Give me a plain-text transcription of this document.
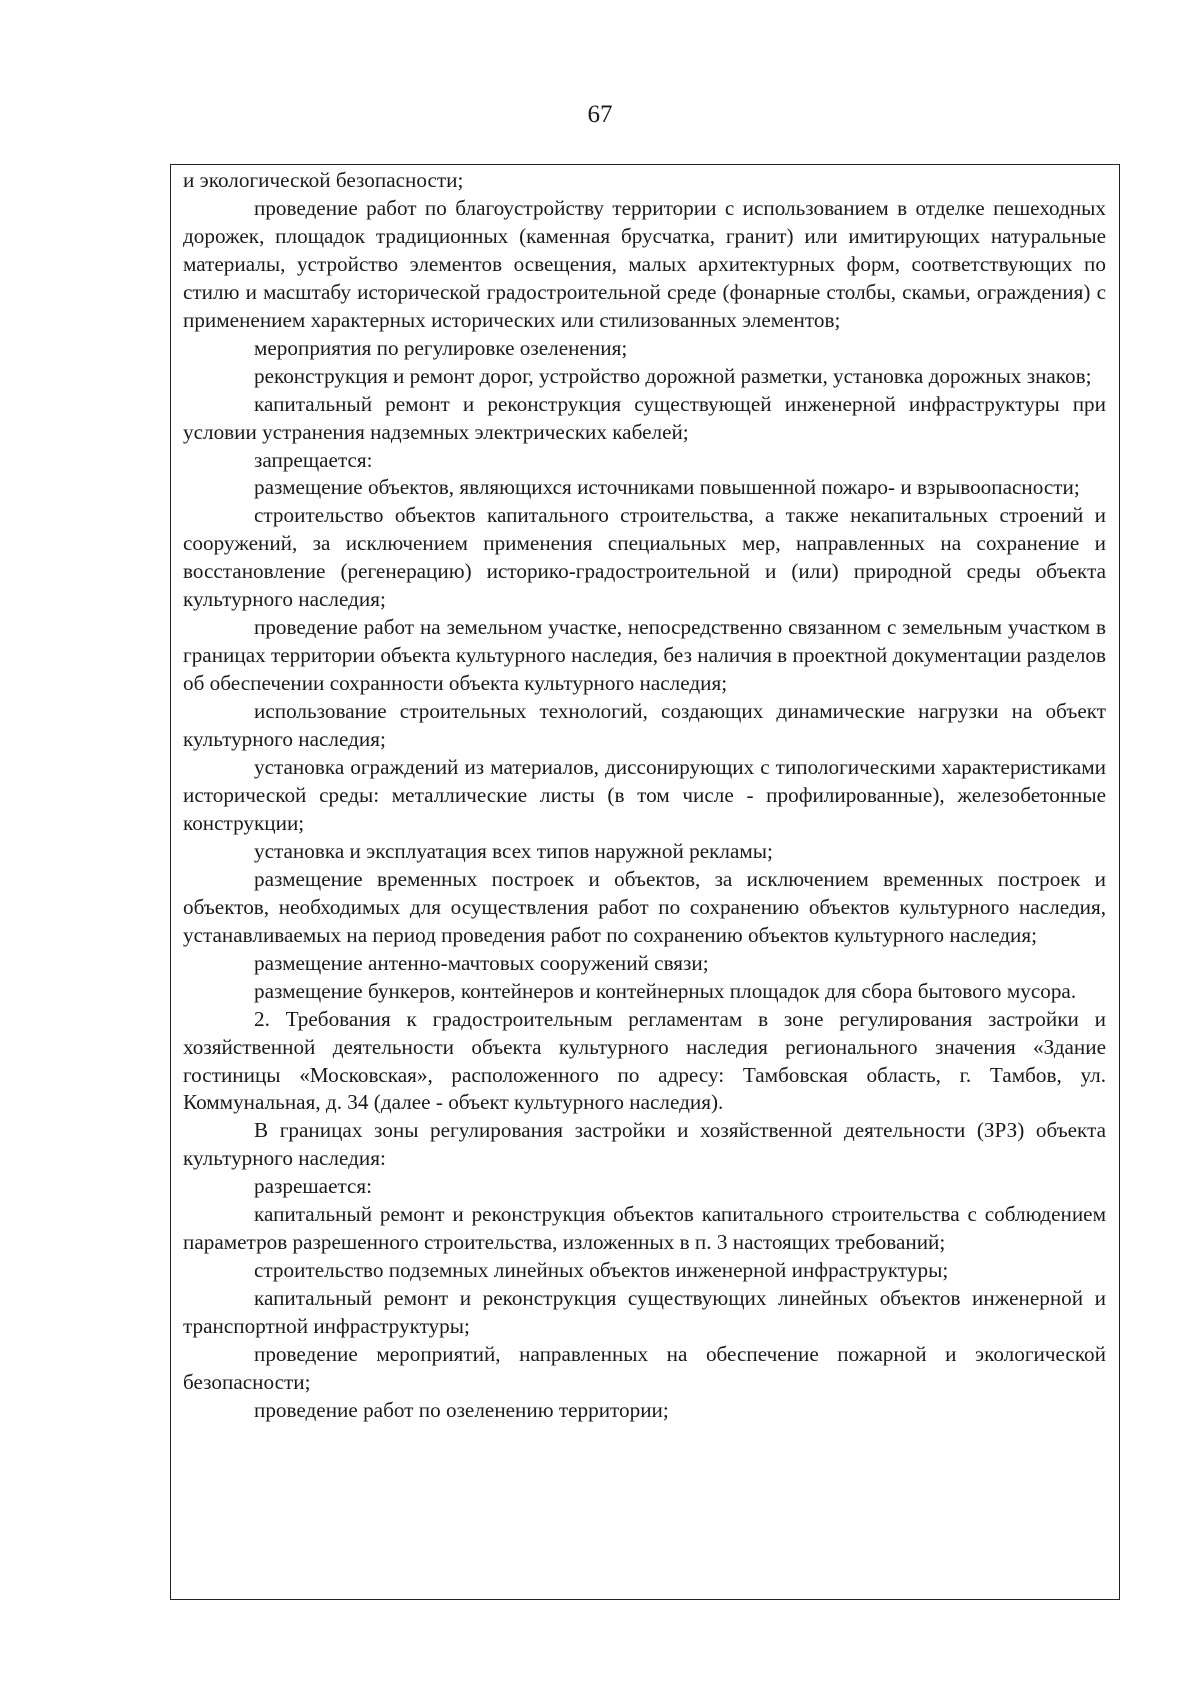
67

и экологической безопасности;

проведение работ по благоустройству территории с использованием в отделке пешеходных дорожек, площадок традиционных (каменная брусчатка, гранит) или имитирующих натуральные материалы, устройство элементов освещения, малых архитектурных форм, соответствующих по стилю и масштабу исторической градостроительной среде (фонарные столбы, скамьи, ограждения) с применением характерных исторических или стилизованных элементов;

мероприятия по регулировке озеленения;

реконструкция и ремонт дорог, устройство дорожной разметки, установка дорожных знаков;

капитальный ремонт и реконструкция существующей инженерной инфраструктуры при условии устранения надземных электрических кабелей;

запрещается:

размещение объектов, являющихся источниками повышенной пожаро- и взрывоопасности;

строительство объектов капитального строительства, а также некапитальных строений и сооружений, за исключением применения специальных мер, направленных на сохранение и восстановление (регенерацию) историко-градостроительной и (или) природной среды объекта культурного наследия;

проведение работ на земельном участке, непосредственно связанном с земельным участком в границах территории объекта культурного наследия, без наличия в проектной документации разделов об обеспечении сохранности объекта культурного наследия;

использование строительных технологий, создающих динамические нагрузки на объект культурного наследия;

установка ограждений из материалов, диссонирующих с типологическими характеристиками исторической среды: металлические листы (в том числе - профилированные), железобетонные конструкции;

установка и эксплуатация всех типов наружной рекламы;

размещение временных построек и объектов, за исключением временных построек и объектов, необходимых для осуществления работ по сохранению объектов культурного наследия, устанавливаемых на период проведения работ по сохранению объектов культурного наследия;

размещение антенно-мачтовых сооружений связи;

размещение бункеров, контейнеров и контейнерных площадок для сбора бытового мусора.

2. Требования к градостроительным регламентам в зоне регулирования застройки и хозяйственной деятельности объекта культурного наследия регионального значения «Здание гостиницы «Московская», расположенного по адресу: Тамбовская область, г. Тамбов, ул. Коммунальная, д. 34 (далее - объект культурного наследия).

В границах зоны регулирования застройки и хозяйственной деятельности (ЗРЗ) объекта культурного наследия:

разрешается:

капитальный ремонт и реконструкция объектов капитального строительства с соблюдением параметров разрешенного строительства, изложенных в п. 3 настоящих требований;

строительство подземных линейных объектов инженерной инфраструктуры;

капитальный ремонт и реконструкция существующих линейных объектов инженерной и транспортной инфраструктуры;

проведение мероприятий, направленных на обеспечение пожарной и экологической безопасности;

проведение работ по озеленению территории;
